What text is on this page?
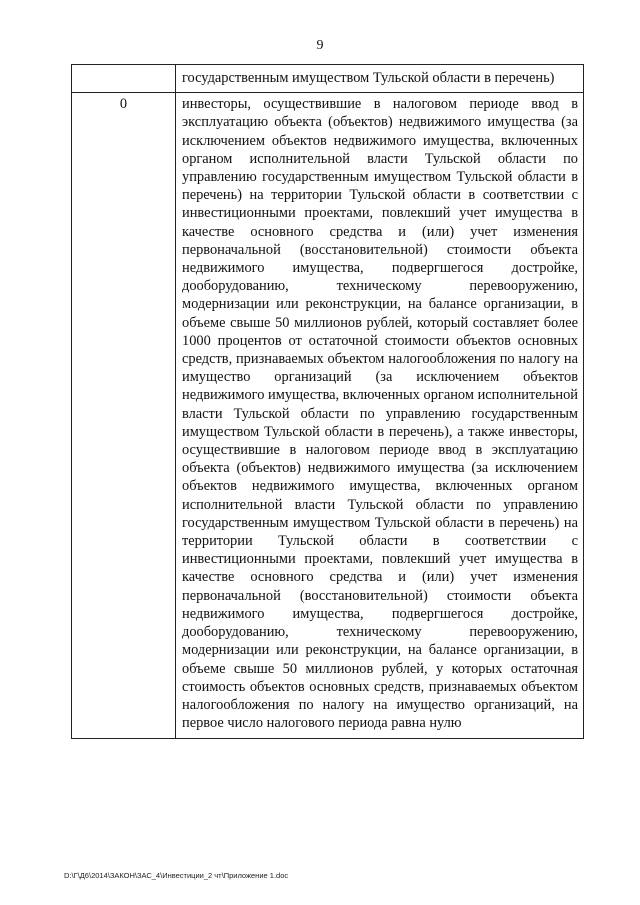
9
	государственным имуществом Тульской области в перечень)
0	инвесторы, осуществившие в налоговом периоде ввод в эксплуатацию объекта (объектов) недвижимого имущества (за исключением объектов недвижимого имущества, включенных органом исполнительной власти Тульской области по управлению государственным имуществом Тульской области в перечень) на территории Тульской области в соответствии с инвестиционными проектами, повлекший учет имущества в качестве основного средства и (или) учет изменения первоначальной (восстановительной) стоимости объекта недвижимого имущества, подвергшегося достройке, дооборудованию, техническому перевооружению, модернизации или реконструкции, на балансе организации, в объеме свыше 50 миллионов рублей, который составляет более 1000 процентов от остаточной стоимости объектов основных средств, признаваемых объектом налогообложения по налогу на имущество организаций (за исключением объектов недвижимого имущества, включенных органом исполнительной власти Тульской области по управлению государственным имуществом Тульской области в перечень), а также инвесторы, осуществившие в налоговом периоде ввод в эксплуатацию объекта (объектов) недвижимого имущества (за исключением объектов недвижимого имущества, включенных органом исполнительной власти Тульской области по управлению государственным имуществом Тульской области в перечень) на территории Тульской области в соответствии с инвестиционными проектами, повлекший учет имущества в качестве основного средства и (или) учет изменения первоначальной (восстановительной) стоимости объекта недвижимого имущества, подвергшегося достройке, дооборудованию, техническому перевооружению, модернизации или реконструкции, на балансе организации, в объеме свыше 50 миллионов рублей, у которых остаточная стоимость объектов основных средств, признаваемых объектом налогообложения по налогу на имущество организаций, на первое число налогового периода равна нулю
D:\Г\Д6\2014\ЗАКОН\ЗАС_4\Инвестиции_2 чт\Приложение 1.doc
